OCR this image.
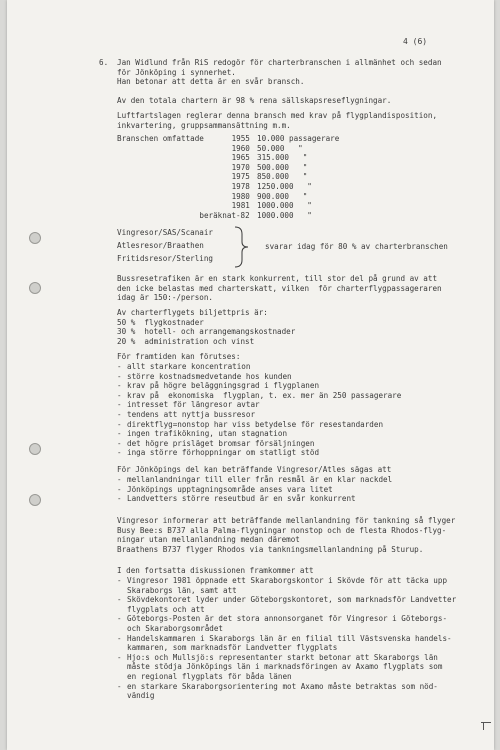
4 (6)
6. Jan Widlund från RiS redogör för charterbranschen i allmänhet och sedan
för Jönköping i synnerhet.
Han betonar att detta är en svår bransch.
Av den totala chartern är 98 % rena sällskapsreseflygningar.
Luftfartslagen reglerar denna bransch med krav på flygplandisposition,
inkvartering, gruppsammansättning m.m.
Branschen omfattade	1955 10.000 passagerare
1960 50.000   "
1965 315.000   "
1970 500.000   "
1975 850.000   "
1978 1250.000   "
1980 900.000   "
1981 1000.000   "
beräknat-82 1000.000   "
Vingresor/SAS/Scanair
Atlesresor/Braathen
Fritidsresor/Sterling
svarar idag för 80 % av charterbranschen
Bussresetrafiken är en stark konkurrent, till stor del på grund av att
den icke belastas med charterskatt, vilken  för charterflygpassageraren
idag är 150:-/person.
Av charterflygets biljettpris är:
50 %  flygkostnader
30 %  hotell- och arrangemangskostnader
20 %  administration och vinst
För framtiden kan förutses:
- allt starkare koncentration
- större kostnadsmedvetande hos kunden
- krav på högre beläggningsgrad i flygplanen
- krav på  ekonomiska  flygplan, t. ex. mer än 250 passagerare
- intresset för längresor avtar
- tendens att nyttja bussresor
- direktflyg=nonstop har viss betydelse för resestandarden
- ingen trafikökning, utan stagnation
- det högre prisläget bromsar försäljningen
- inga större förhoppningar om statligt stöd
För Jönköpings del kan beträffande Vingresor/Atles sägas att
- mellanlandningar till eller från resmål är en klar nackdel
- Jönköpings upptagningsområde anses vara litet
- Landvetters större reseutbud är en svår konkurrent
Vingresor informerar att beträffande mellanlandning för tankning så flyger
Busy Bee:s B737 alla Palma-flygningar nonstop och de flesta Rhodos-flyg-
ningar utan mellanlandning medan däremot
Braathens B737 flyger Rhodos via tankningsmellanlandning på Sturup.
I den fortsatta diskussionen framkommer att
- Vingresor 1981 öppnade ett Skaraborgskontor i Skövde för att täcka upp
Skaraborgs län, samt att
- Skövdekontoret lyder under Göteborgskontoret, som marknadsför Landvetter
flygplats och att
- Göteborgs-Posten är det stora annonsorganet för Vingresor i Göteborgs-
och Skaraborgsområdet
- Handelskammaren i Skaraborgs län är en filial till Västsvenska handels-
kammaren, som marknadsför Landvetter flygplats
- Hjo:s och Mullsjö:s representanter starkt betonar att Skaraborgs län
måste stödja Jönköpings län i marknadsföringen av Axamo flygplats som
en regional flygplats för båda länen
- en starkare Skaraborgsorientering mot Axamo måste betraktas som nöd-
vändig
